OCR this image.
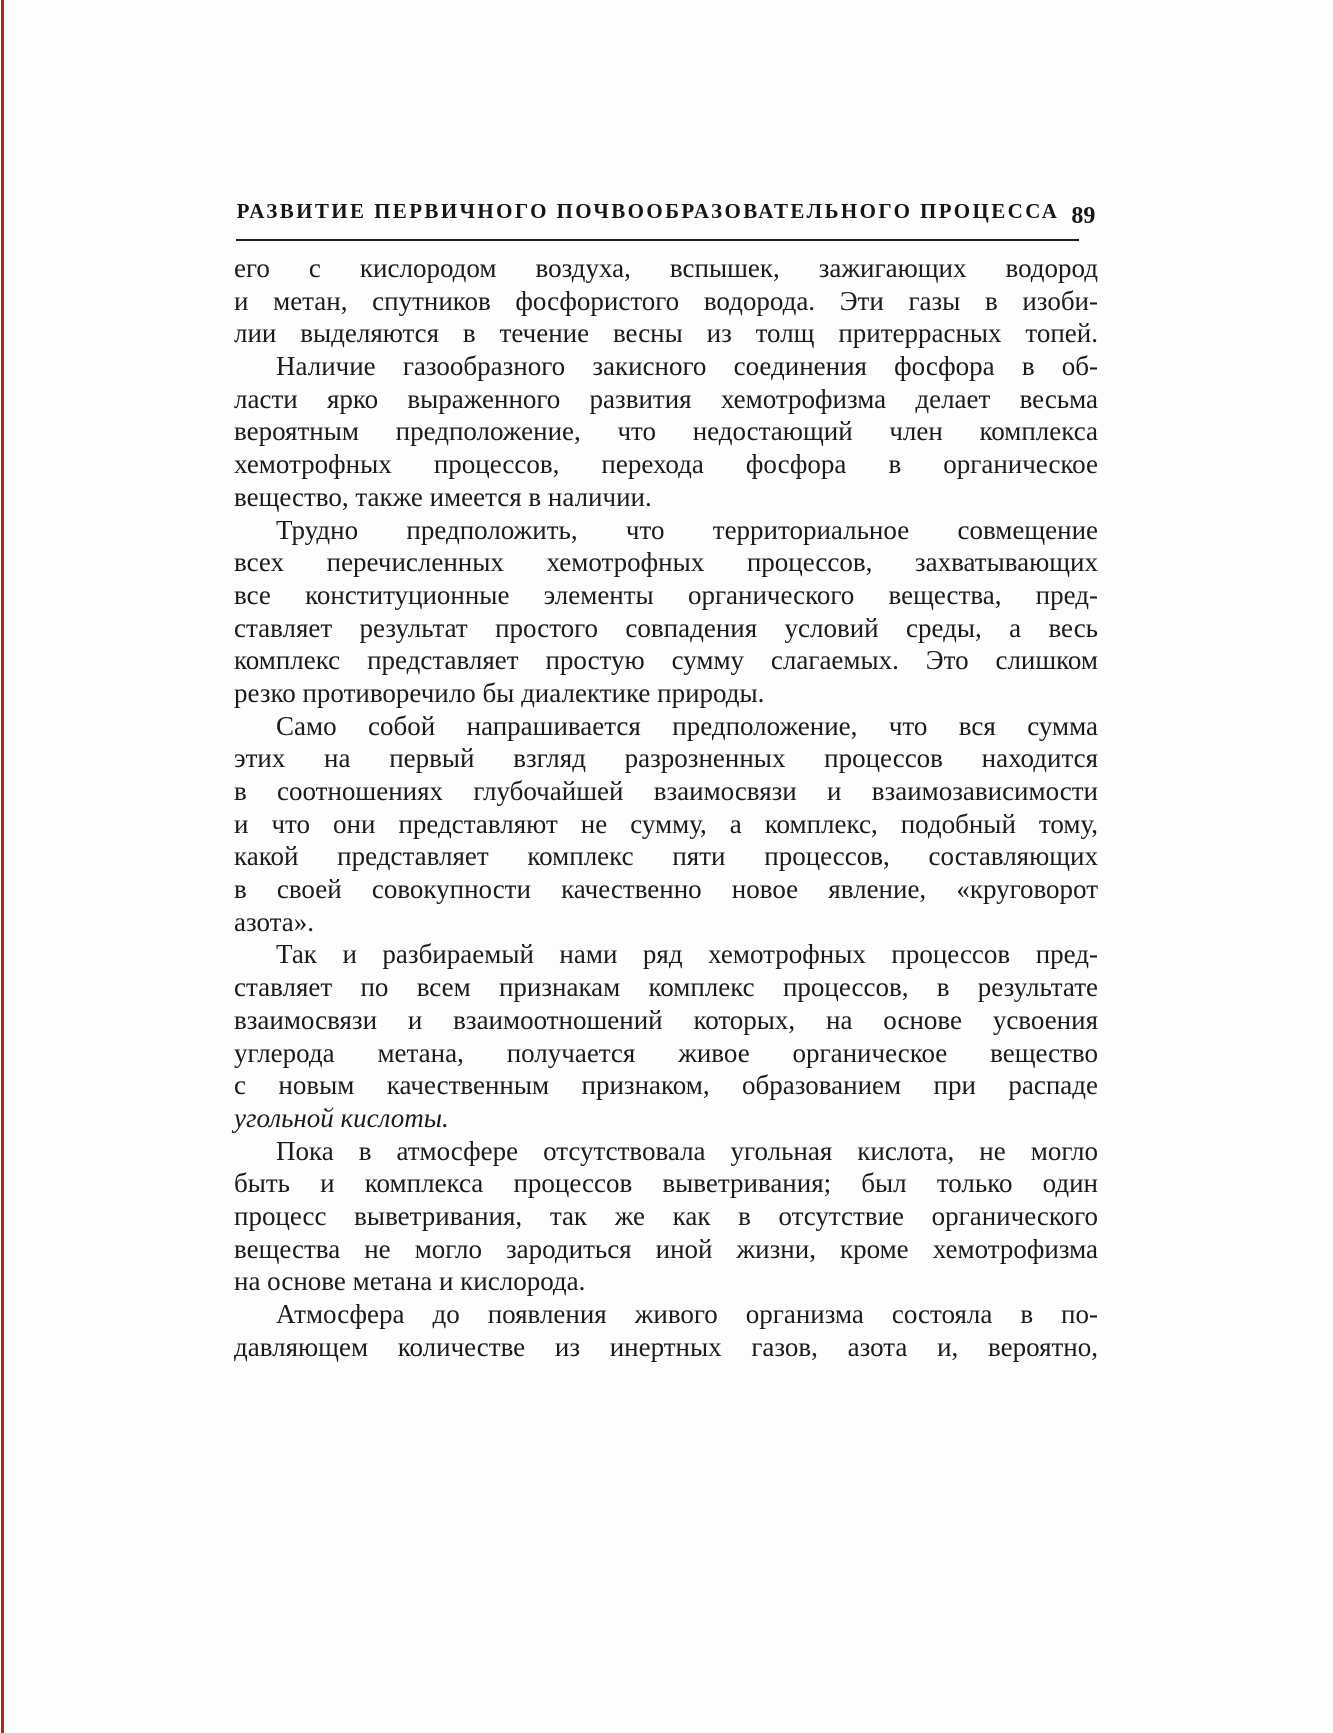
РАЗВИТИЕ ПЕРВИЧНОГО ПОЧВООБРАЗОВАТЕЛЬНОГО ПРОЦЕССА 89
его с кислородом воздуха, вспышек, зажигающих водород
и метан, спутников фосфористого водорода. Эти газы в изоби-
лии выделяются в течение весны из толщ притеррасных топей.
Наличие газообразного закисного соединения фосфора в об-
ласти ярко выраженного развития хемотрофизма делает весьма
вероятным предположение, что недостающий член комплекса
хемотрофных процессов, перехода фосфора в органическое
вещество, также имеется в наличии.
Трудно предположить, что территориальное совмещение
всех перечисленных хемотрофных процессов, захватывающих
все конституционные элементы органического вещества, пред-
ставляет результат простого совпадения условий среды, а весь
комплекс представляет простую сумму слагаемых. Это слишком
резко противоречило бы диалектике природы.
Само собой напрашивается предположение, что вся сумма
этих на первый взгляд разрозненных процессов находится
в соотношениях глубочайшей взаимосвязи и взаимозависимости
и что они представляют не сумму, а комплекс, подобный тому,
какой представляет комплекс пяти процессов, составляющих
в своей совокупности качественно новое явление, «круговорот
азота».
Так и разбираемый нами ряд хемотрофных процессов пред-
ставляет по всем признакам комплекс процессов, в результате
взаимосвязи и взаимоотношений которых, на основе усвоения
углерода метана, получается живое органическое вещество
с новым качественным признаком, образованием при распаде
угольной кислоты.
Пока в атмосфере отсутствовала угольная кислота, не могло
быть и комплекса процессов выветривания; был только один
процесс выветривания, так же как в отсутствие органического
вещества не могло зародиться иной жизни, кроме хемотрофизма
на основе метана и кислорода.
Атмосфера до появления живого организма состояла в по-
давляющем количестве из инертных газов, азота и, вероятно,
